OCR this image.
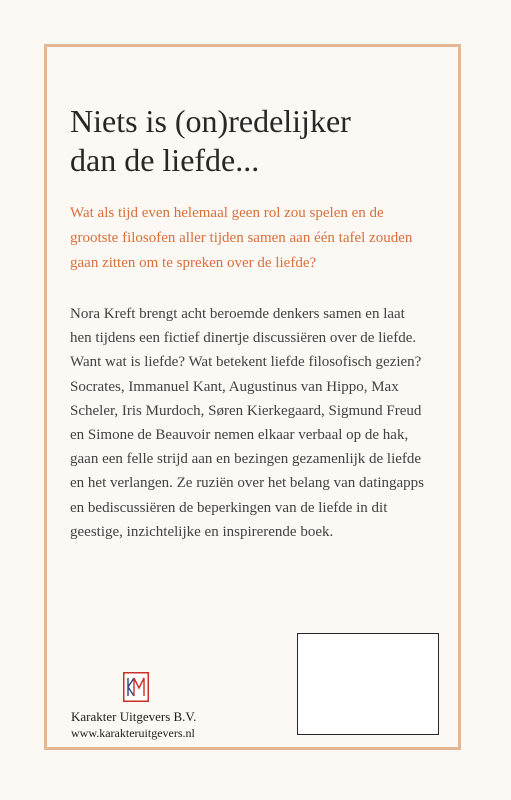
Niets is (on)redelijker
dan de liefde...

Wat als tijd even helemaal geen rol zou spelen en de
grootste filosofen aller tijden samen aan één tafel zouden
gaan zitten om te spreken over de liefde?

Nora Kreft brengt acht beroemde denkers samen en laat
hen tijdens een fictief dinertje discussiëren over de liefde.
Want wat is liefde? Wat betekent liefde filosofisch gezien?
Socrates, Immanuel Kant, Augustinus van Hippo, Max
Scheler, Iris Murdoch, Søren Kierkegaard, Sigmund Freud
en Simone de Beauvoir nemen elkaar verbaal op de hak,
gaan een felle strijd aan en bezingen gezamenlijk de liefde
en het verlangen. Ze ruziën over het belang van datingapps
en bediscussiëren de beperkingen van de liefde in dit
geestige, inzichtelijke en inspirerende boek.

Karakter Uitgevers B.V.
www.karakteruitgevers.nl
